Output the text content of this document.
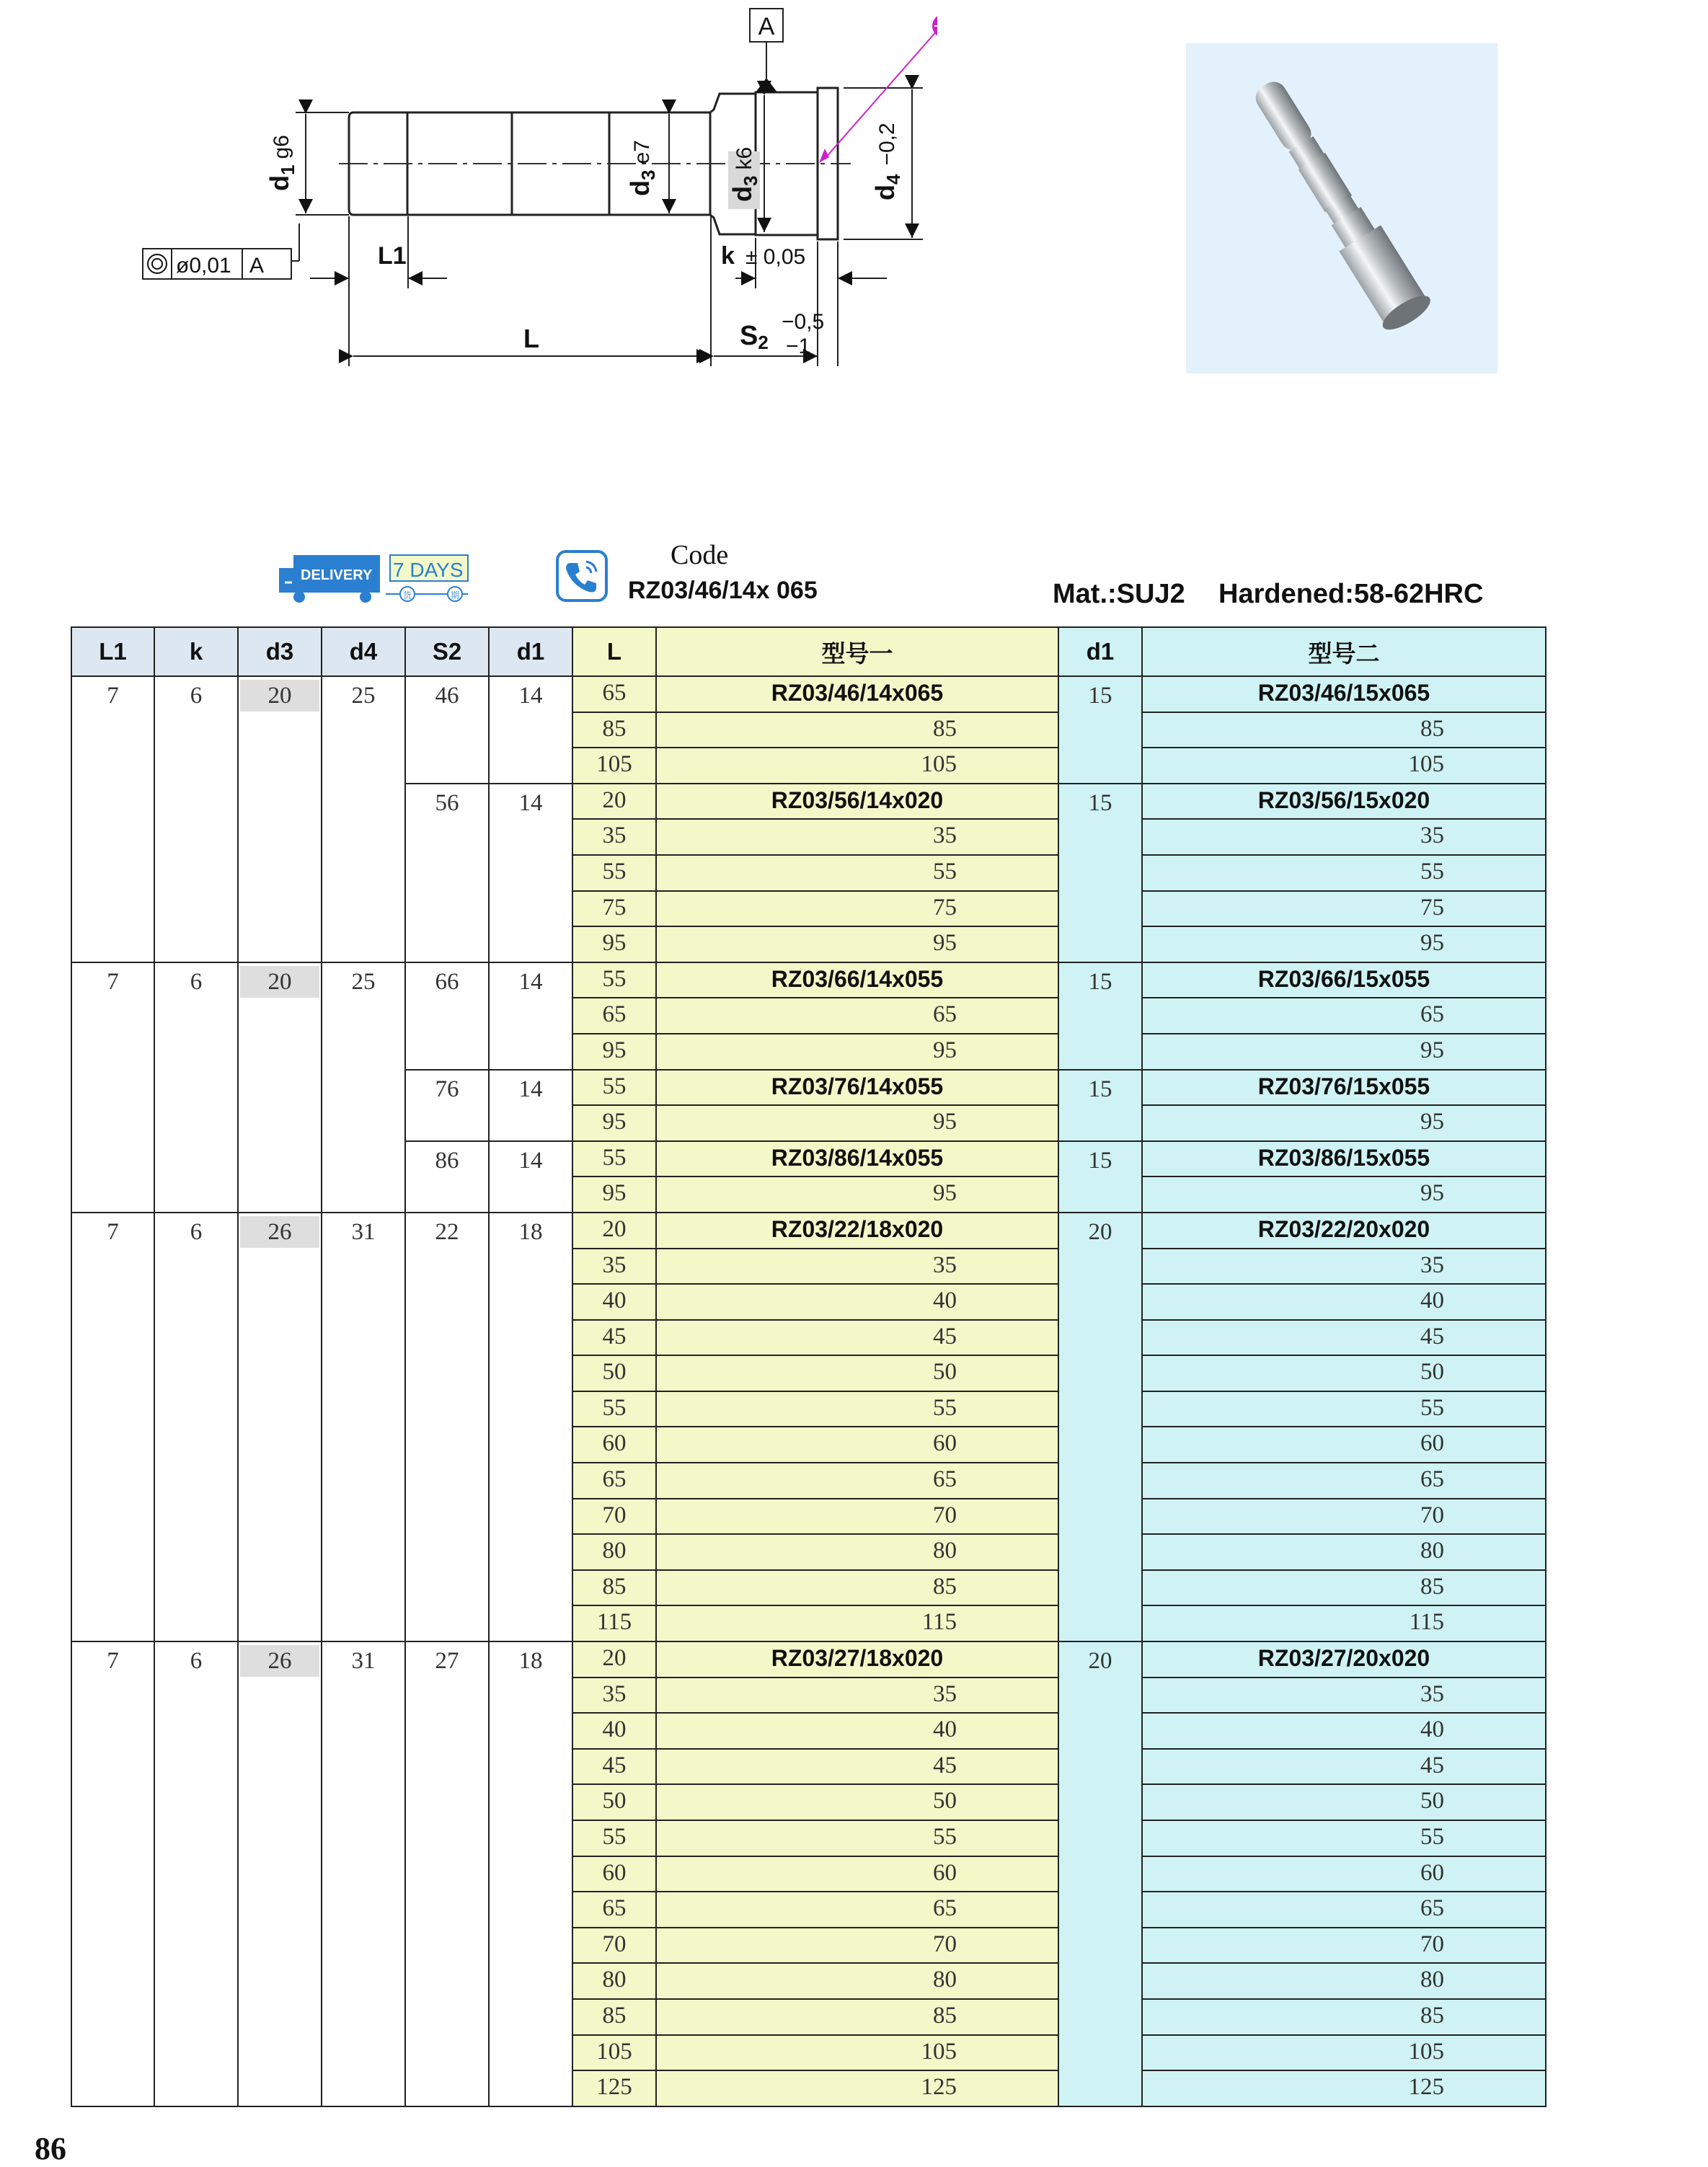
A
$d_1^{g6}$
$d_3^{e7}$
$d_3^{k6}$
$d_4^{-0,2}$
L1
L
k ± 0,05
S2
−0,5
−1
ø0,01 A
DELIVERY 7 DAYS
货	期
Code
RZ03/46/14x 065	Mat.:SUJ2 Hardened:58-62HRC
L1	k	d3	d4	S2	d1	L	型号一	d1	型号二
7	6	20	25	46	14	65	RZ03/46/14x065	15	RZ03/46/15x065
						85	85		85
						105	105		105
				56	14	20	RZ03/56/14x020	15	RZ03/56/15x020
						35	35		35
						55	55		55
						75	75		75
						95	95		95
7	6	20	25	66	14	55	RZ03/66/14x055	15	RZ03/66/15x055
						65	65		65
						95	95		95
				76	14	55	RZ03/76/14x055	15	RZ03/76/15x055
						95	95		95
				86	14	55	RZ03/86/14x055	15	RZ03/86/15x055
						95	95		95
7	6	26	31	22	18	20	RZ03/22/18x020	20	RZ03/22/20x020
						35	35		35
						40	40		40
						45	45		45
						50	50		50
						55	55		55
						60	60		60
						65	65		65
						70	70		70
						80	80		80
						85	85		85
						115	115		115
7	6	26	31	27	18	20	RZ03/27/18x020	20	RZ03/27/20x020
						35	35		35
						40	40		40
						45	45		45
						50	50		50
						55	55		55
						60	60		60
						65	65		65
						70	70		70
						80	80		80
						85	85		85
						105	105		105
						125	125		125
86
